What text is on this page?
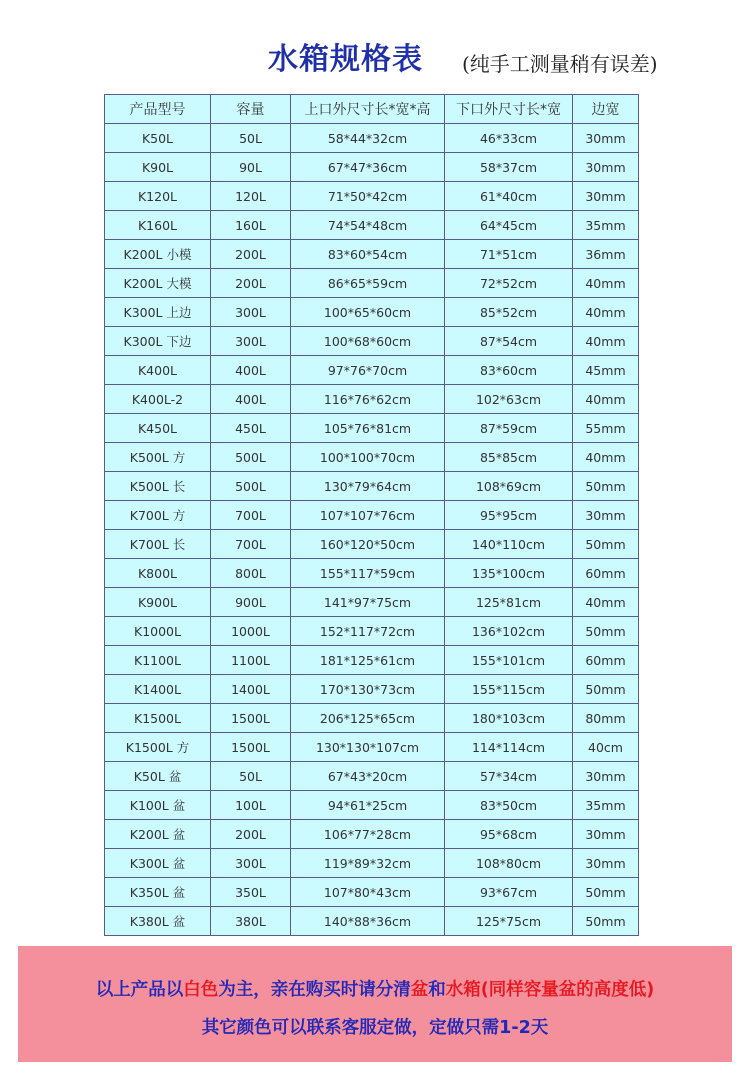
水箱规格表 (纯手工测量稍有误差)
产品型号	容量	上口外尺寸长*宽*高	下口外尺寸长*宽	边宽
K50L	50L	58*44*32cm	46*33cm	30mm
K90L	90L	67*47*36cm	58*37cm	30mm
K120L	120L	71*50*42cm	61*40cm	30mm
K160L	160L	74*54*48cm	64*45cm	35mm
K200L 小模	200L	83*60*54cm	71*51cm	36mm
K200L 大模	200L	86*65*59cm	72*52cm	40mm
K300L 上边	300L	100*65*60cm	85*52cm	40mm
K300L 下边	300L	100*68*60cm	87*54cm	40mm
K400L	400L	97*76*70cm	83*60cm	45mm
K400L-2	400L	116*76*62cm	102*63cm	40mm
K450L	450L	105*76*81cm	87*59cm	55mm
K500L 方	500L	100*100*70cm	85*85cm	40mm
K500L 长	500L	130*79*64cm	108*69cm	50mm
K700L 方	700L	107*107*76cm	95*95cm	30mm
K700L 长	700L	160*120*50cm	140*110cm	50mm
K800L	800L	155*117*59cm	135*100cm	60mm
K900L	900L	141*97*75cm	125*81cm	40mm
K1000L	1000L	152*117*72cm	136*102cm	50mm
K1100L	1100L	181*125*61cm	155*101cm	60mm
K1400L	1400L	170*130*73cm	155*115cm	50mm
K1500L	1500L	206*125*65cm	180*103cm	80mm
K1500L 方	1500L	130*130*107cm	114*114cm	40cm
K50L 盆	50L	67*43*20cm	57*34cm	30mm
K100L 盆	100L	94*61*25cm	83*50cm	35mm
K200L 盆	200L	106*77*28cm	95*68cm	30mm
K300L 盆	300L	119*89*32cm	108*80cm	30mm
K350L 盆	350L	107*80*43cm	93*67cm	50mm
K380L 盆	380L	140*88*36cm	125*75cm	50mm
以上产品以白色为主，亲在购买时请分清盆和水箱(同样容量盆的高度低)
其它颜色可以联系客服定做，定做只需1-2天
